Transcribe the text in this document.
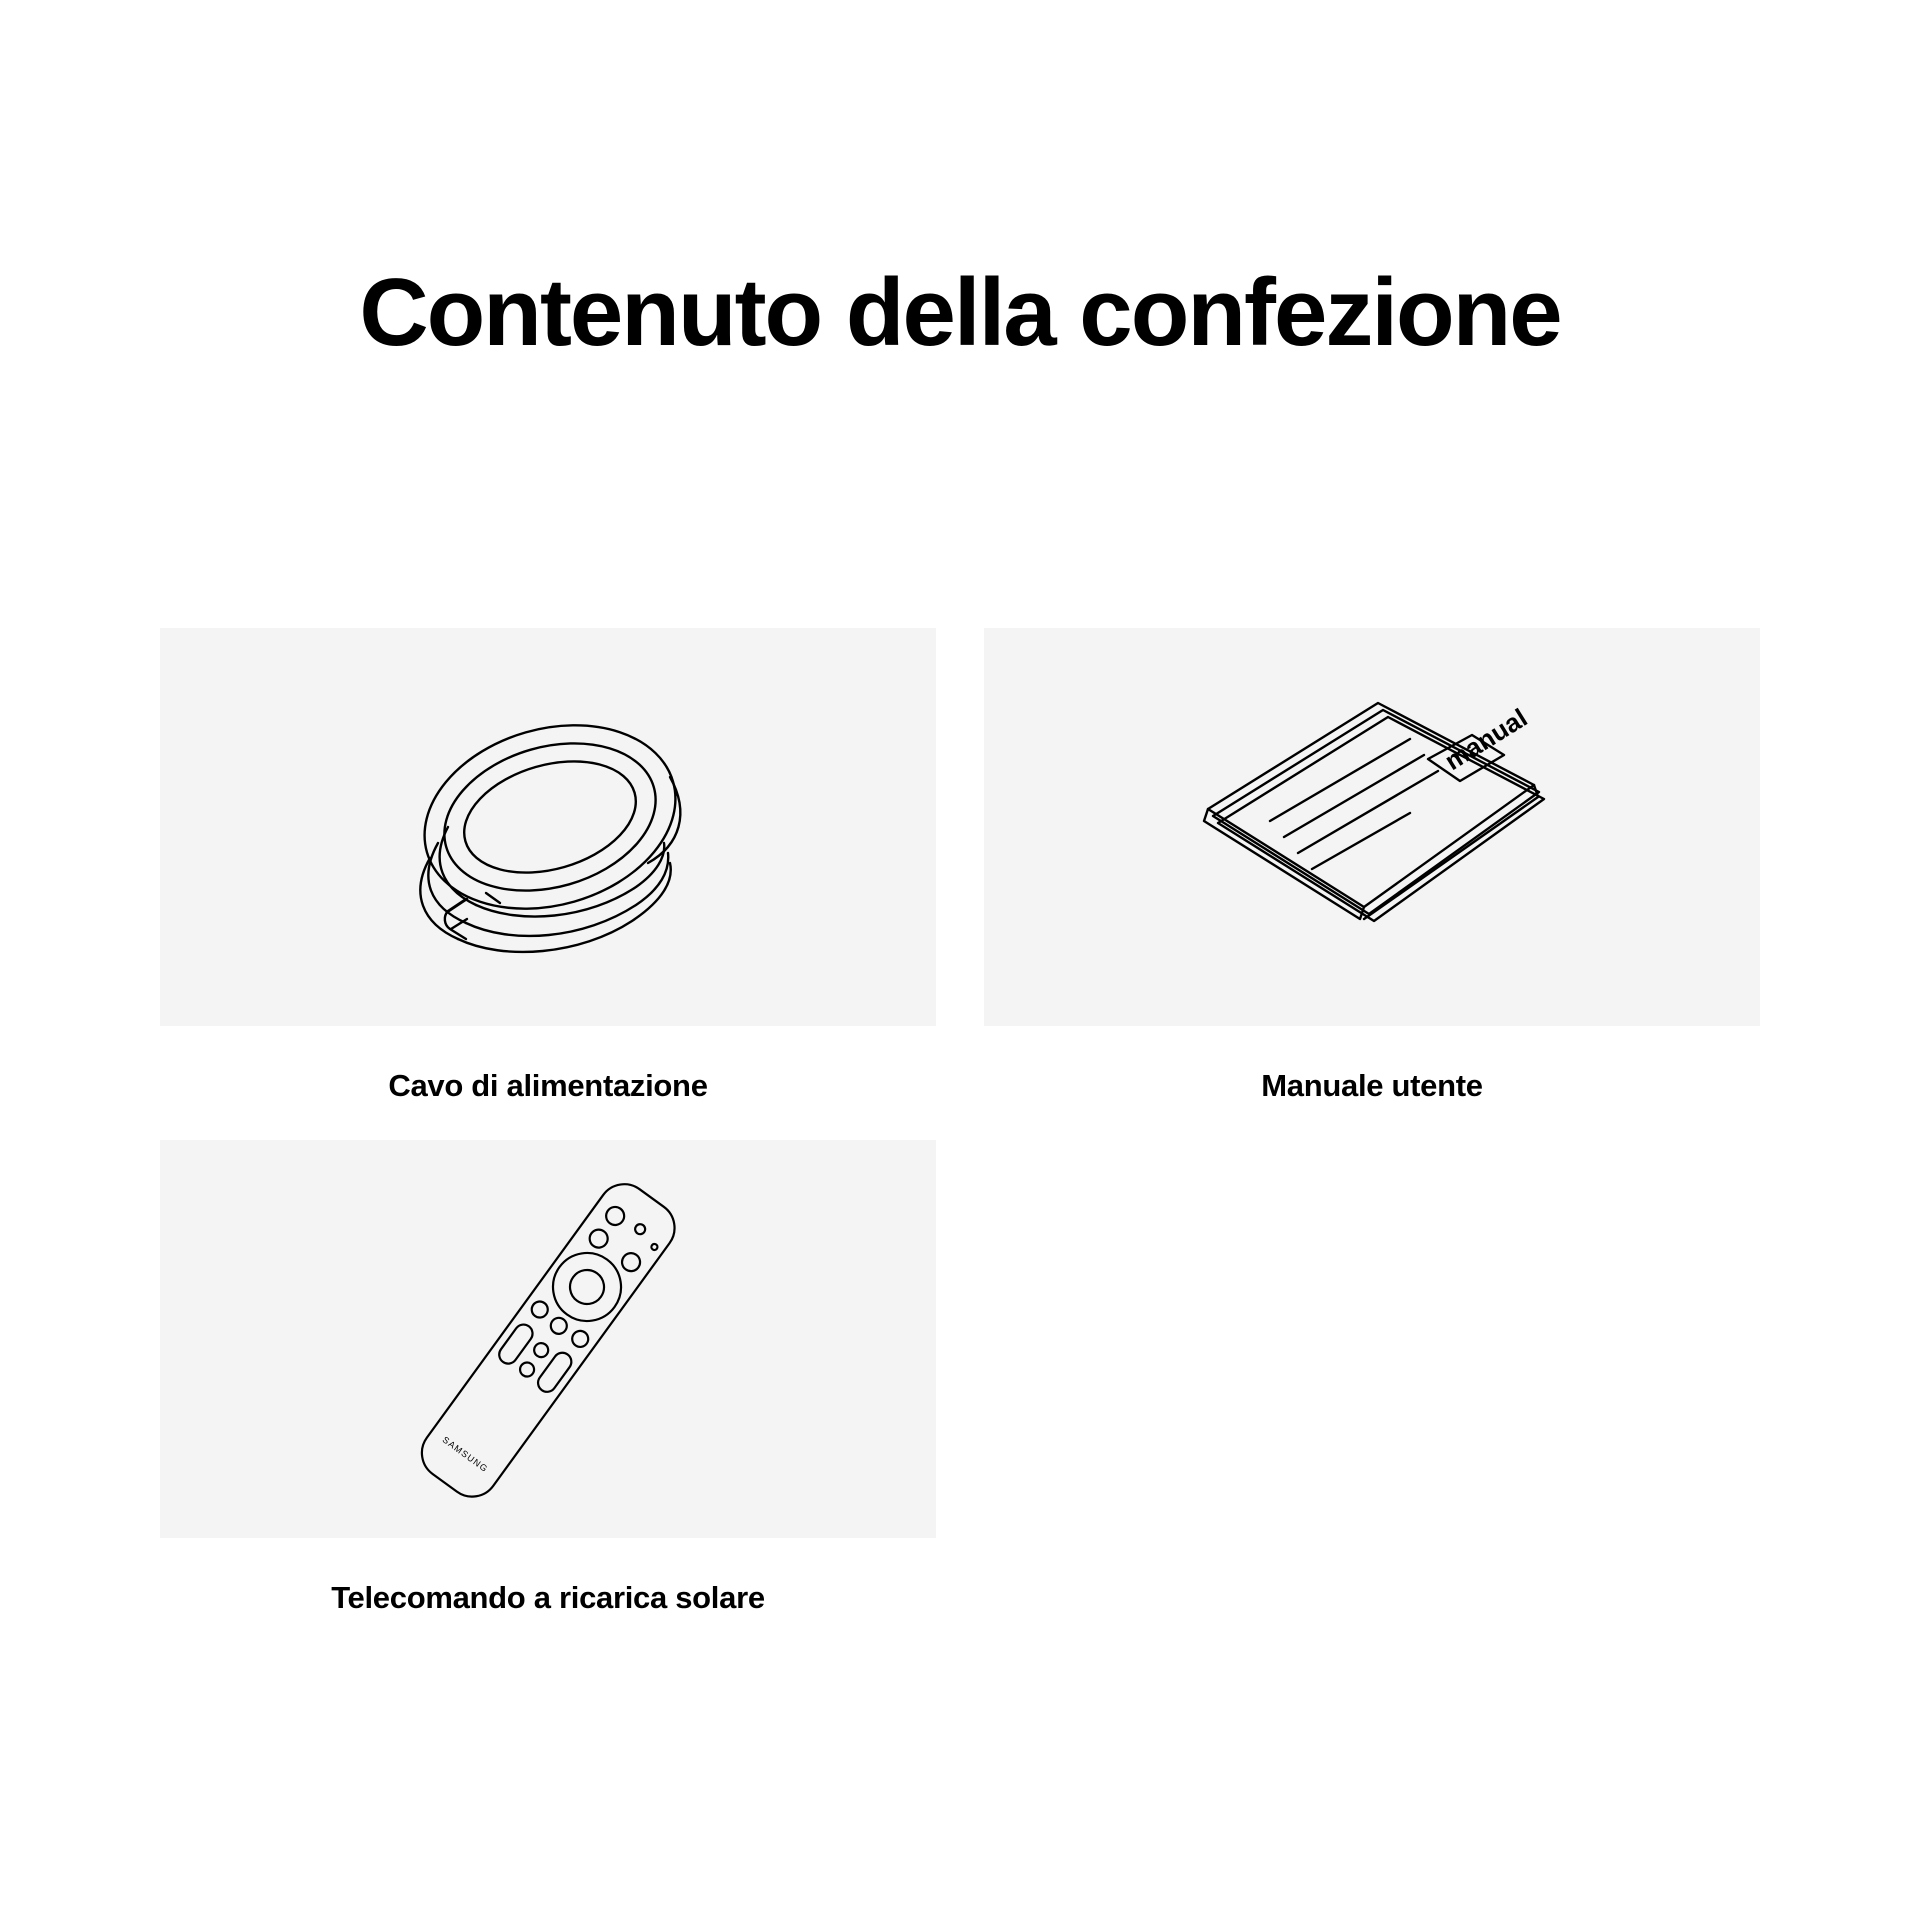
Contenuto della confezione
Cavo di alimentazione
manual
Manuale utente
SAMSUNG
Telecomando a ricarica solare
